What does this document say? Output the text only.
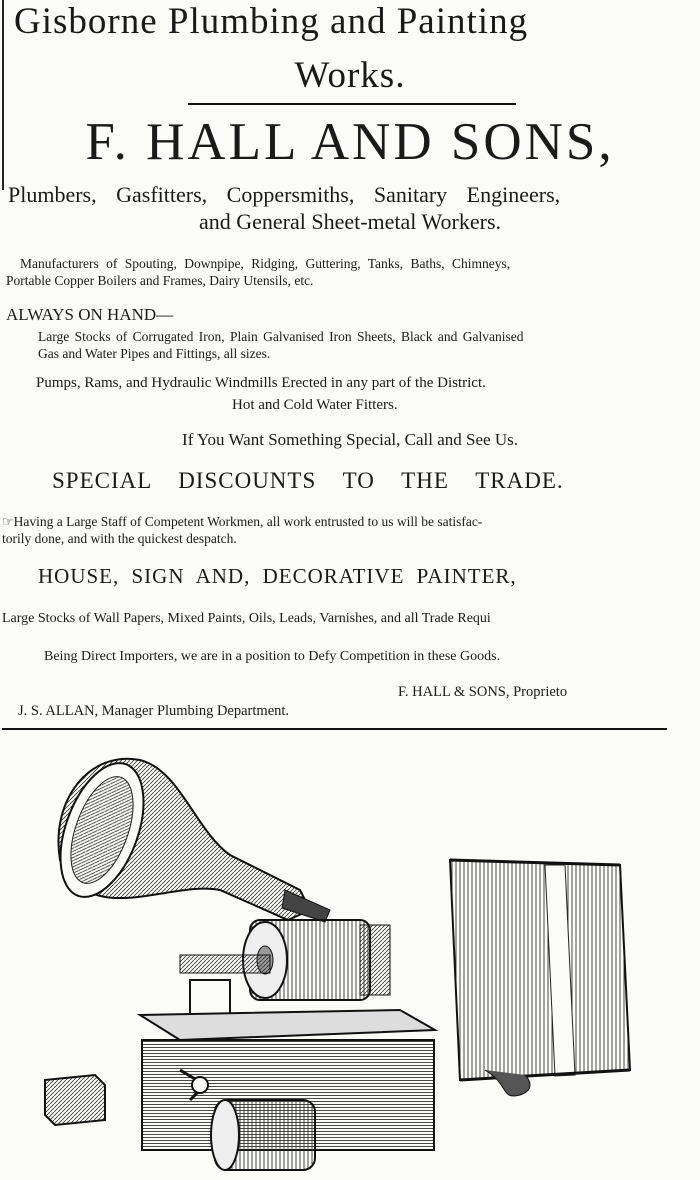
Gisborne Plumbing and Painting
Works.
F. HALL AND SONS,
Plumbers, Gasfitters, Coppersmiths, Sanitary Engineers,
and General Sheet-metal Workers.
Manufacturers of Spouting, Downpipe, Ridging, Guttering, Tanks, Baths, Chimneys,
Portable Copper Boilers and Frames, Dairy Utensils, etc.
ALWAYS ON HAND—
Large Stocks of Corrugated Iron, Plain Galvanised Iron Sheets, Black and Galvanised
Gas and Water Pipes and Fittings, all sizes.
Pumps, Rams, and Hydraulic Windmills Erected in any part of the District.
Hot and Cold Water Fitters.
If You Want Something Special, Call and See Us.
SPECIAL DISCOUNTS TO THE TRADE.
☞Having a Large Staff of Competent Workmen, all work entrusted to us will be satisfac-
torily done, and with the quickest despatch.
HOUSE, SIGN AND, DECORATIVE PAINTER,
Large Stocks of Wall Papers, Mixed Paints, Oils, Leads, Varnishes, and all Trade Requi
Being Direct Importers, we are in a position to Defy Competition in these Goods.
F. HALL & SONS, Proprieto
J. S. ALLAN, Manager Plumbing Department.
